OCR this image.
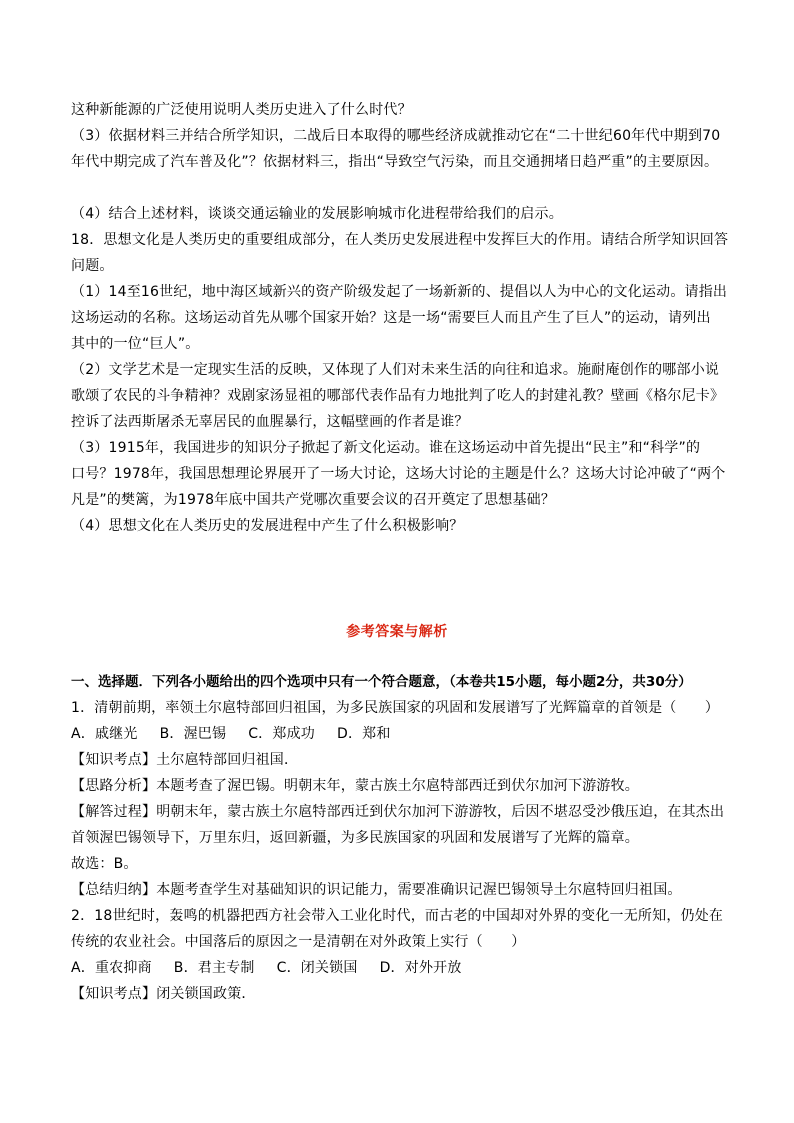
这种新能源的广泛使用说明人类历史进入了什么时代？
（3）依据材料三并结合所学知识，二战后日本取得的哪些经济成就推动它在“二十世纪60年代中期到70
年代中期完成了汽车普及化”？依据材料三，指出“导致空气污染，而且交通拥堵日趋严重”的主要原因。
（4）结合上述材料，谈谈交通运输业的发展影响城市化进程带给我们的启示。
18．思想文化是人类历史的重要组成部分，在人类历史发展进程中发挥巨大的作用。请结合所学知识回答
问题。
（1）14至16世纪，地中海区域新兴的资产阶级发起了一场新新的、提倡以人为中心的文化运动。请指出
这场运动的名称。这场运动首先从哪个国家开始？这是一场“需要巨人而且产生了巨人”的运动，请列出
其中的一位“巨人”。
（2）文学艺术是一定现实生活的反映，又体现了人们对未来生活的向往和追求。施耐庵创作的哪部小说
歌颂了农民的斗争精神？戏剧家汤显祖的哪部代表作品有力地批判了吃人的封建礼教？壁画《格尔尼卡》
控诉了法西斯屠杀无辜居民的血腥暴行，这幅壁画的作者是谁？
（3）1915年，我国进步的知识分子掀起了新文化运动。谁在这场运动中首先提出“民主”和“科学”的
口号？1978年，我国思想理论界展开了一场大讨论，这场大讨论的主题是什么？这场大讨论冲破了“两个
凡是”的樊篱，为1978年底中国共产党哪次重要会议的召开奠定了思想基础？
（4）思想文化在人类历史的发展进程中产生了什么积极影响？
参考答案与解析
一、选择题．下列各小题给出的四个选项中只有一个符合题意，（本卷共15小题，每小题2分，共30分）
1．清朝前期，率领土尔扈特部回归祖国，为多民族国家的巩固和发展谱写了光辉篇章的首领是（　　）
A．戚继光 B．渥巴锡 C．郑成功 D．郑和
【知识考点】土尔扈特部回归祖国．
【思路分析】本题考查了渥巴锡。明朝末年，蒙古族土尔扈特部西迁到伏尔加河下游游牧。
【解答过程】明朝末年，蒙古族土尔扈特部西迁到伏尔加河下游游牧，后因不堪忍受沙俄压迫，在其杰出
首领渥巴锡领导下，万里东归，返回新疆，为多民族国家的巩固和发展谱写了光辉的篇章。
故选：B。
【总结归纳】本题考查学生对基础知识的识记能力，需要准确识记渥巴锡领导土尔扈特回归祖国。
2．18世纪时，轰鸣的机器把西方社会带入工业化时代，而古老的中国却对外界的变化一无所知，仍处在
传统的农业社会。中国落后的原因之一是清朝在对外政策上实行（　　）
A．重农抑商 B．君主专制 C．闭关锁国 D．对外开放
【知识考点】闭关锁国政策．
